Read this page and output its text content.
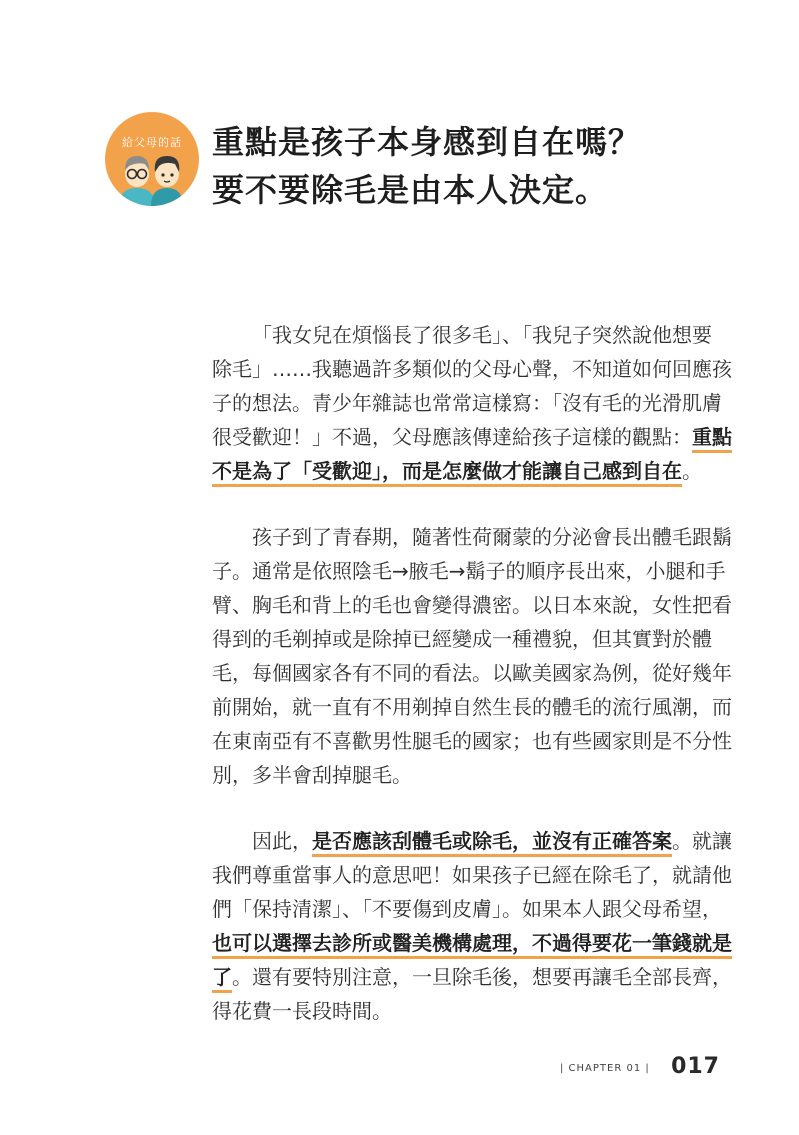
給父母的話 重點是孩子本身感到自在嗎？
要不要除毛是由本人決定。
「我女兒在煩惱長了很多毛」、「我兒子突然說他想要
除毛」……我聽過許多類似的父母心聲，不知道如何回應孩
子的想法。青少年雜誌也常常這樣寫：「沒有毛的光滑肌膚
很受歡迎！」不過，父母應該傳達給孩子這樣的觀點：重點
不是為了「受歡迎」，而是怎麼做才能讓自己感到自在。
孩子到了青春期，隨著性荷爾蒙的分泌會長出體毛跟鬍
子。通常是依照陰毛→腋毛→鬍子的順序長出來，小腿和手
臂、胸毛和背上的毛也會變得濃密。以日本來說，女性把看
得到的毛剃掉或是除掉已經變成一種禮貌，但其實對於體
毛，每個國家各有不同的看法。以歐美國家為例，從好幾年
前開始，就一直有不用剃掉自然生長的體毛的流行風潮，而
在東南亞有不喜歡男性腿毛的國家；也有些國家則是不分性
別，多半會刮掉腿毛。
因此，是否應該刮體毛或除毛，並沒有正確答案。就讓
我們尊重當事人的意思吧！如果孩子已經在除毛了，就請他
們「保持清潔」、「不要傷到皮膚」。如果本人跟父母希望，
也可以選擇去診所或醫美機構處理，不過得要花一筆錢就是
了。還有要特別注意，一旦除毛後，想要再讓毛全部長齊，
得花費一長段時間。
| CHAPTER 01 | 017
